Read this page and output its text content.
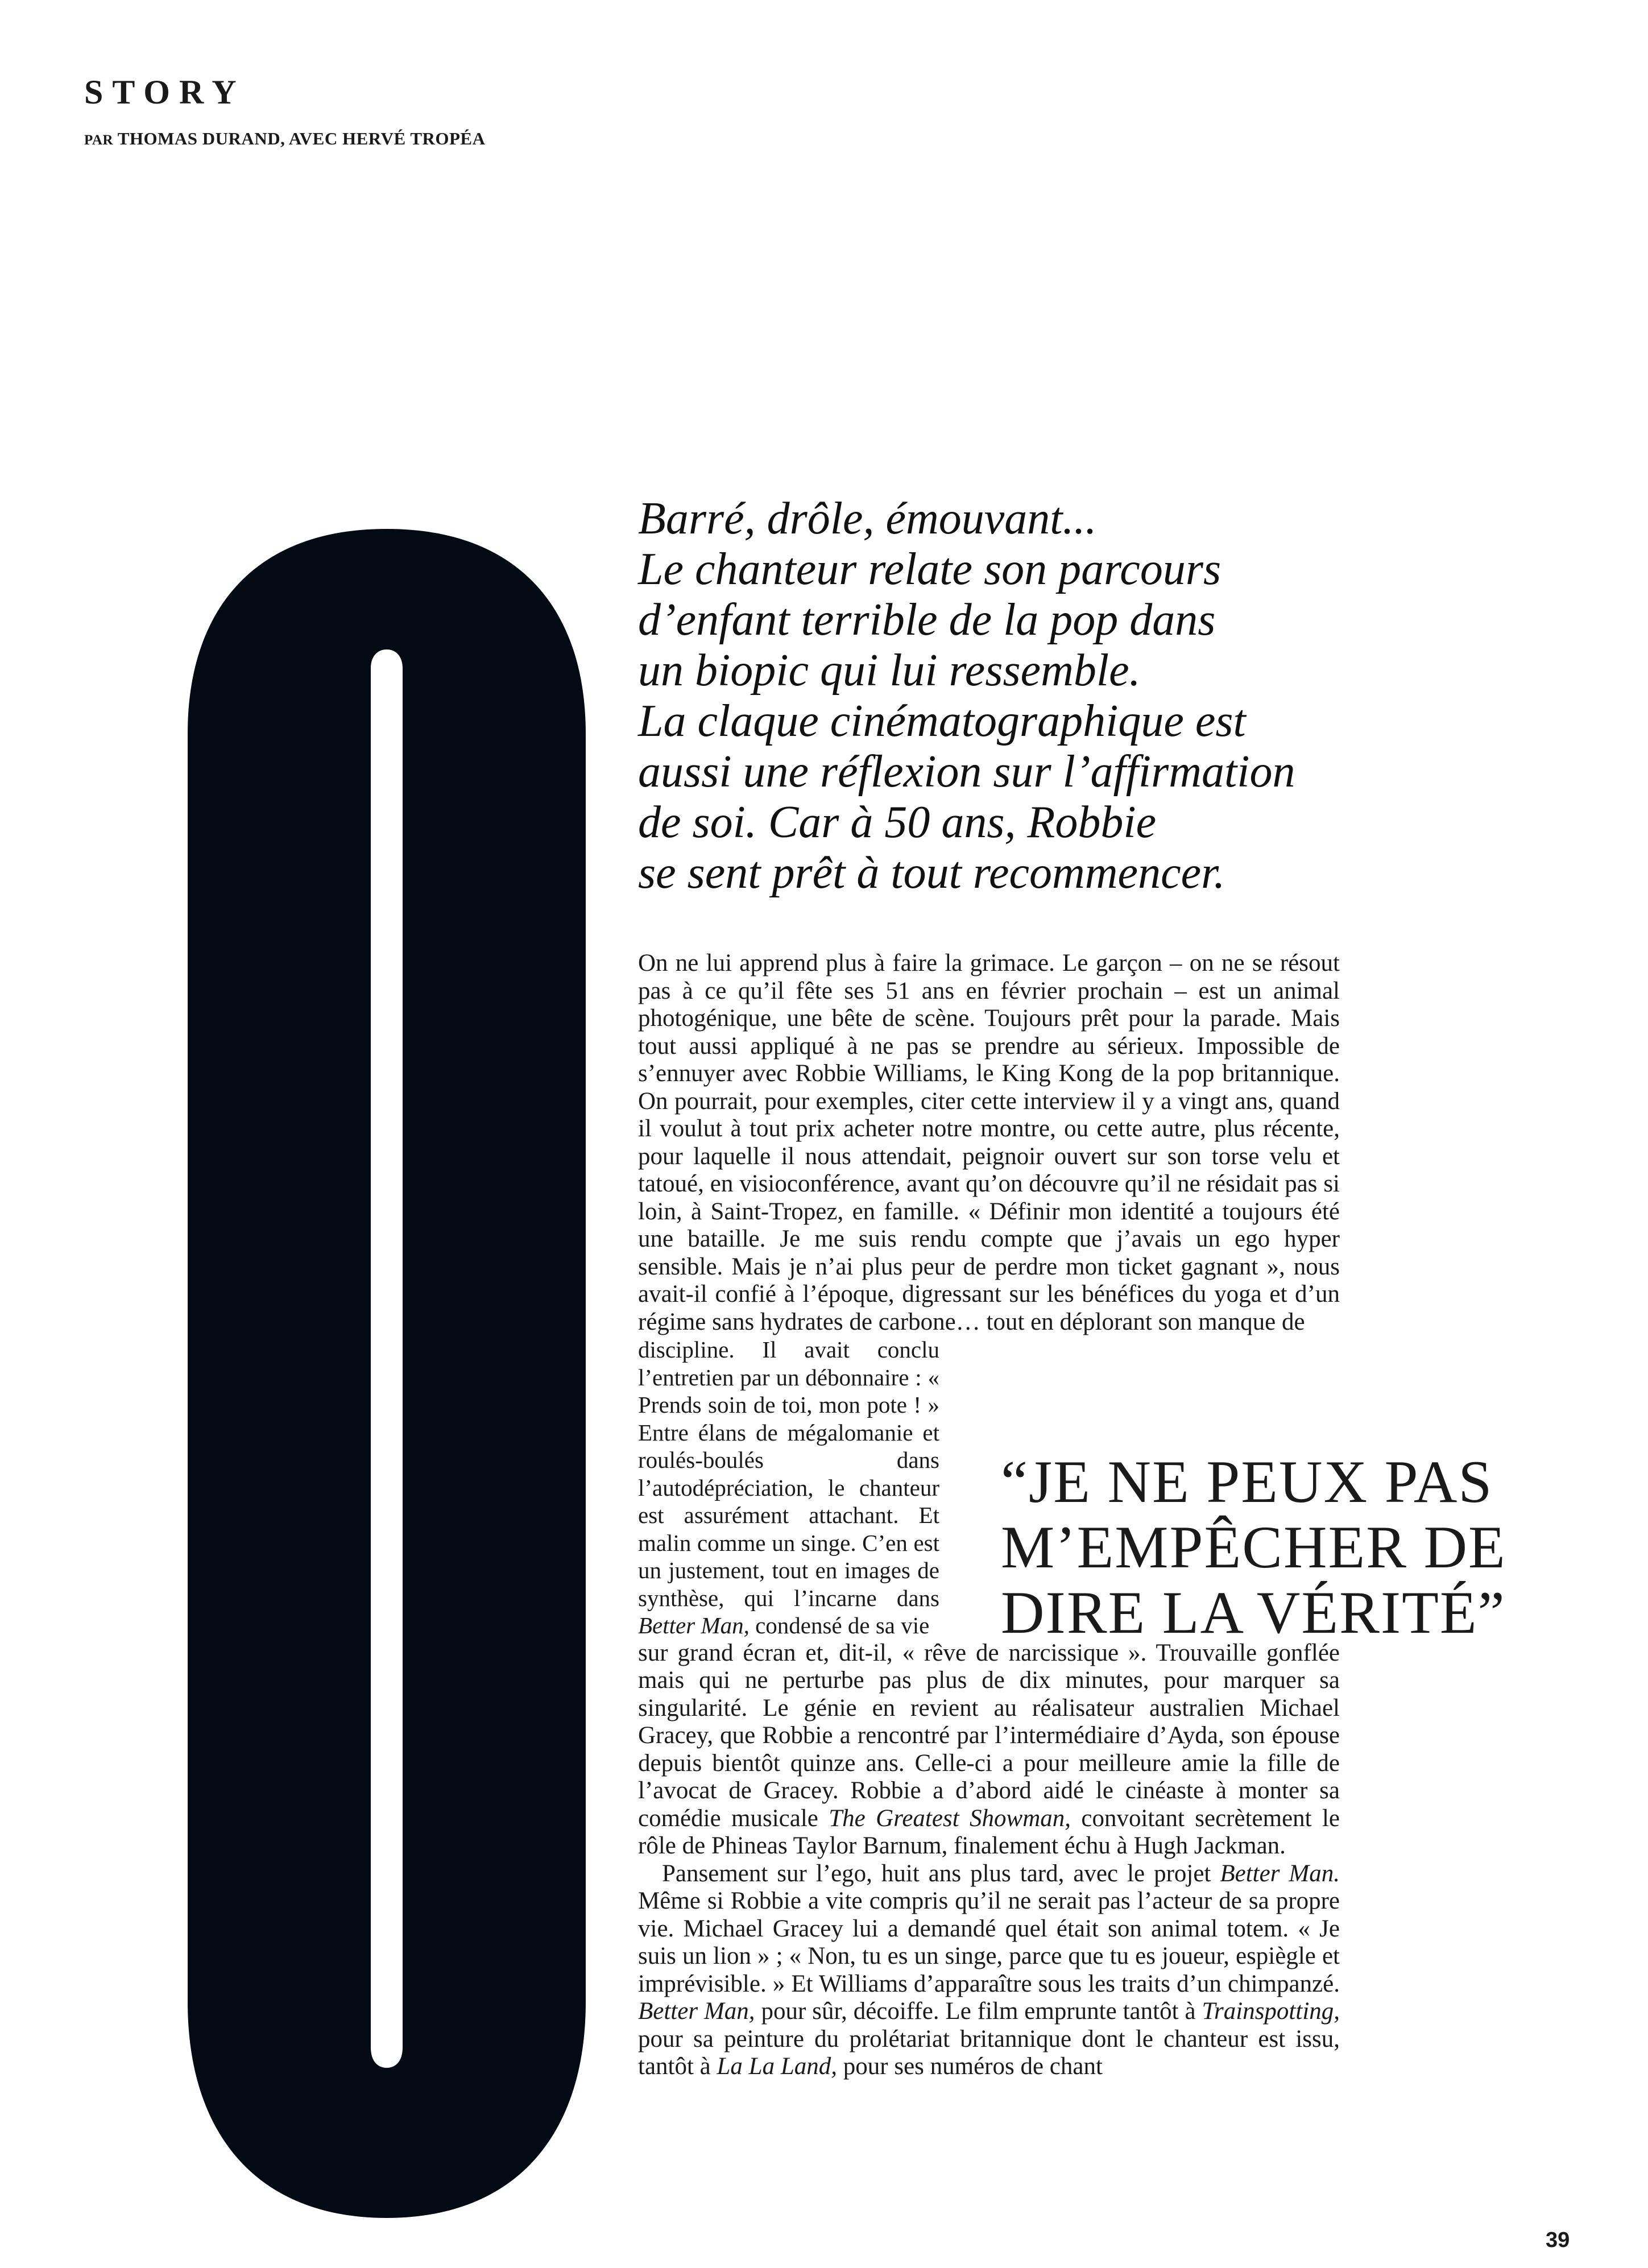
STORY
PAR THOMAS DURAND, AVEC HERVÉ TROPÉA
Barré, drôle, émouvant...
Le chanteur relate son parcours
d’enfant terrible de la pop dans
un biopic qui lui ressemble.
La claque cinématographique est
aussi une réflexion sur l’affirmation
de soi. Car à 50 ans, Robbie
se sent prêt à tout recommencer.

On ne lui apprend plus à faire la grimace. Le garçon – on ne se résout pas à ce qu’il fête ses 51 ans en février prochain – est un animal photogénique, une bête de scène. Toujours prêt pour la parade. Mais tout aussi appliqué à ne pas se prendre au sérieux. Impossible de s’ennuyer avec Robbie Williams, le King Kong de la pop britannique. On pourrait, pour exemples, citer cette interview il y a vingt ans, quand il voulut à tout prix acheter notre montre, ou cette autre, plus récente, pour laquelle il nous attendait, peignoir ouvert sur son torse velu et tatoué, en visioconférence, avant qu’on découvre qu’il ne résidait pas si loin, à Saint-Tropez, en famille. « Définir mon identité a toujours été une bataille. Je me suis rendu compte que j’avais un ego hyper sensible. Mais je n’ai plus peur de perdre mon ticket gagnant », nous avait-il confié à l’époque, digressant sur les bénéfices du yoga et d’un régime sans hydrates de carbone… tout en déplorant son manque de

discipline. Il avait conclu l’entretien par un débonnaire : « Prends soin de toi, mon pote ! » Entre élans de mégalomanie et roulés-boulés dans l’autodépréciation, le chanteur est assurément attachant. Et malin comme un singe. C’en est un justement, tout en images de synthèse, qui l’incarne dans Better Man, condensé de sa vie

sur grand écran et, dit-il, « rêve de narcissique ». Trouvaille gonflée mais qui ne perturbe pas plus de dix minutes, pour marquer sa singularité. Le génie en revient au réalisateur australien Michael Gracey, que Robbie a rencontré par l’intermédiaire d’Ayda, son épouse depuis bientôt quinze ans. Celle-ci a pour meilleure amie la fille de l’avocat de Gracey. Robbie a d’abord aidé le cinéaste à monter sa comédie musicale The Greatest Showman, convoitant secrètement le rôle de Phineas Taylor Barnum, finalement échu à Hugh Jackman.

Pansement sur l’ego, huit ans plus tard, avec le projet Better Man. Même si Robbie a vite compris qu’il ne serait pas l’acteur de sa propre vie. Michael Gracey lui a demandé quel était son animal totem. « Je suis un lion » ; « Non, tu es un singe, parce que tu es joueur, espiègle et imprévisible. » Et Williams d’apparaître sous les traits d’un chimpanzé. Better Man, pour sûr, décoiffe. Le film emprunte tantôt à Trainspotting, pour sa peinture du prolétariat britannique dont le chanteur est issu, tantôt à La La Land, pour ses numéros de chant

“JE NE PEUX PAS
M’EMPÊCHER DE
DIRE LA VÉRITÉ”
39
